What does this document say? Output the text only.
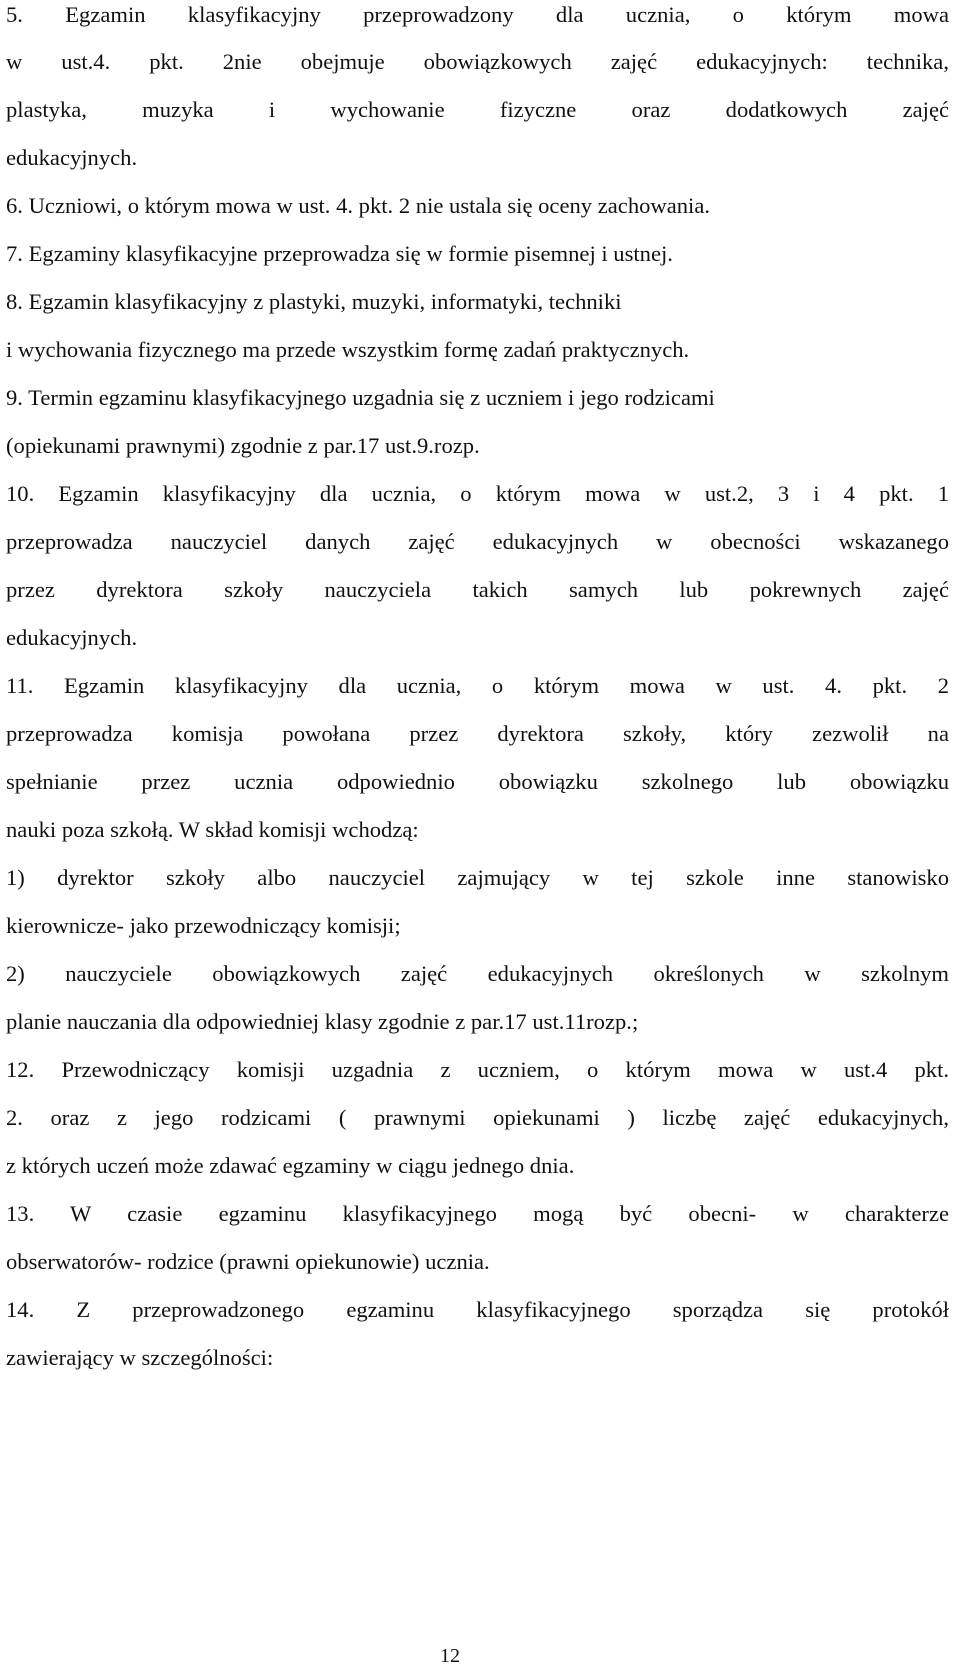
5. Egzamin klasyfikacyjny przeprowadzony dla ucznia, o którym mowa

w ust.4. pkt. 2nie obejmuje obowiązkowych zajęć edukacyjnych: technika,

plastyka, muzyka i wychowanie fizyczne oraz dodatkowych zajęć

edukacyjnych.

6. Uczniowi, o którym mowa w ust. 4. pkt. 2 nie ustala się oceny zachowania.

7. Egzaminy klasyfikacyjne przeprowadza się w formie pisemnej i ustnej.

8. Egzamin klasyfikacyjny z plastyki, muzyki, informatyki, techniki

i wychowania fizycznego ma przede wszystkim formę zadań praktycznych.

9. Termin egzaminu klasyfikacyjnego uzgadnia się z uczniem i jego rodzicami

(opiekunami prawnymi) zgodnie z par.17 ust.9.rozp.

10. Egzamin klasyfikacyjny dla ucznia, o którym mowa w ust.2, 3 i 4 pkt. 1

przeprowadza nauczyciel danych zajęć edukacyjnych w obecności wskazanego

przez dyrektora szkoły nauczyciela takich samych lub pokrewnych zajęć

edukacyjnych.

11. Egzamin klasyfikacyjny dla ucznia, o którym mowa w ust. 4. pkt. 2

przeprowadza komisja powołana przez dyrektora szkoły, który zezwolił na

spełnianie przez ucznia odpowiednio obowiązku szkolnego lub obowiązku

nauki poza szkołą. W skład komisji wchodzą:

1) dyrektor szkoły albo nauczyciel zajmujący w tej szkole inne stanowisko

kierownicze- jako przewodniczący komisji;

2) nauczyciele obowiązkowych zajęć edukacyjnych określonych w szkolnym

planie nauczania dla odpowiedniej klasy zgodnie z par.17 ust.11rozp.;

12. Przewodniczący komisji uzgadnia z uczniem, o którym mowa w ust.4 pkt.

2. oraz z jego rodzicami ( prawnymi opiekunami ) liczbę zajęć edukacyjnych,

z których uczeń może zdawać egzaminy w ciągu jednego dnia.

13. W czasie egzaminu klasyfikacyjnego mogą być obecni- w charakterze

obserwatorów- rodzice (prawni opiekunowie) ucznia.

14. Z przeprowadzonego egzaminu klasyfikacyjnego sporządza się protokół

zawierający w szczególności:

12
